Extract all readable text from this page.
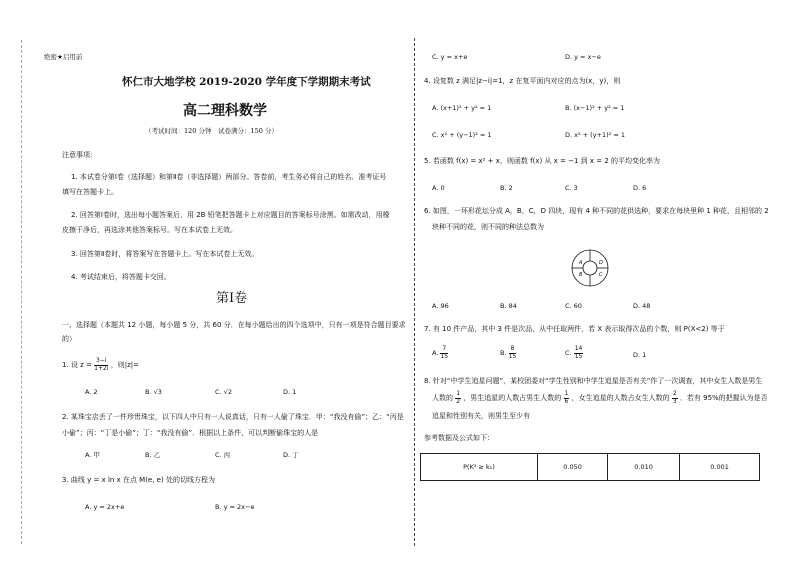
绝密★启用前
怀仁市大地学校 2019-2020 学年度下学期期末考试
高二理科数学
（考试时间：120 分钟　试卷满分：150 分）
注意事项:
1. 本试卷分第Ⅰ卷（选择题）和第Ⅱ卷（非选择题）两部分。答卷前，考生务必将自己的姓名、准考证号
填写在答题卡上。
2. 回答第Ⅰ卷时，选出每小题答案后，用 2B 铅笔把答题卡上对应题目的答案标号涂黑。如需改动，用橡
皮擦干净后，再选涂其他答案标号。写在本试卷上无效。
3. 回答第Ⅱ卷时，将答案写在答题卡上。写在本试卷上无效。
4. 考试结束后，将答题卡交回。
第Ⅰ卷
一、选择题（本题共 12 小题，每小题 5 分，共 60 分．在每小题给出的四个选项中，只有一项是符合题目要求
的）
1. 设 $z = \frac{3-i}{1+2i}$ ，则|z|=
A. 2	B. √3	C. √2	D. 1
2. 某珠宝店丢了一件珍贵珠宝，以下四人中只有一人说真话，只有一人偷了珠宝．甲：“我没有偷”；乙：“丙是
小偷”；丙：“丁是小偷”；丁：“我没有偷”．根据以上条件，可以判断偷珠宝的人是
A. 甲	B. 乙	C. 丙	D. 丁
3. 曲线 y = x ln x 在点 M(e, e) 处的切线方程为
A. y = 2x+e	B. y = 2x−e
C. y = x+e	D. y = x−e
4. 设复数 z 满足|z−i|=1，z 在复平面内对应的点为(x，y)，则
A. (x+1)² + y² = 1	B. (x−1)² + y² = 1
C. x² + (y−1)² = 1	D. x² + (y+1)² = 1
5. 若函数 f(x) = x² + x，则函数 f(x) 从 x = −1 到 x = 2 的平均变化率为
A. 0	B. 2	C. 3	D. 6
6. 如图，一环形花坛分成 A，B，C，D 四块，现有 4 种不同的花供选种，要求在每块里种 1 种花，且相邻的 2
块种不同的花，则不同的种法总数为
A	D
B	C
A. 96	B. 84	C. 60	D. 48
7. 有 10 件产品，其中 3 件是次品，从中任取两件，若 X 表示取得次品的个数，则 P(X<2) 等于
A. $\frac{7}{15}$	B. $\frac{8}{15}$	C. $\frac{14}{15}$	D. 1
8. 针对“中学生追星问题”，某校团委对“学生性别和中学生追星是否有关”作了一次调查，其中女生人数是男生
人数的 $\frac{1}{2}$ ，男生追星的人数占男生人数的 $\frac{1}{6}$ ，女生追星的人数占女生人数的 $\frac{2}{3}$ ．若有 95%的把握认为是否
追星和性别有关，则男生至少有
参考数据及公式如下：
P(K² ≥ k₀)	0.050	0.010	0.001
